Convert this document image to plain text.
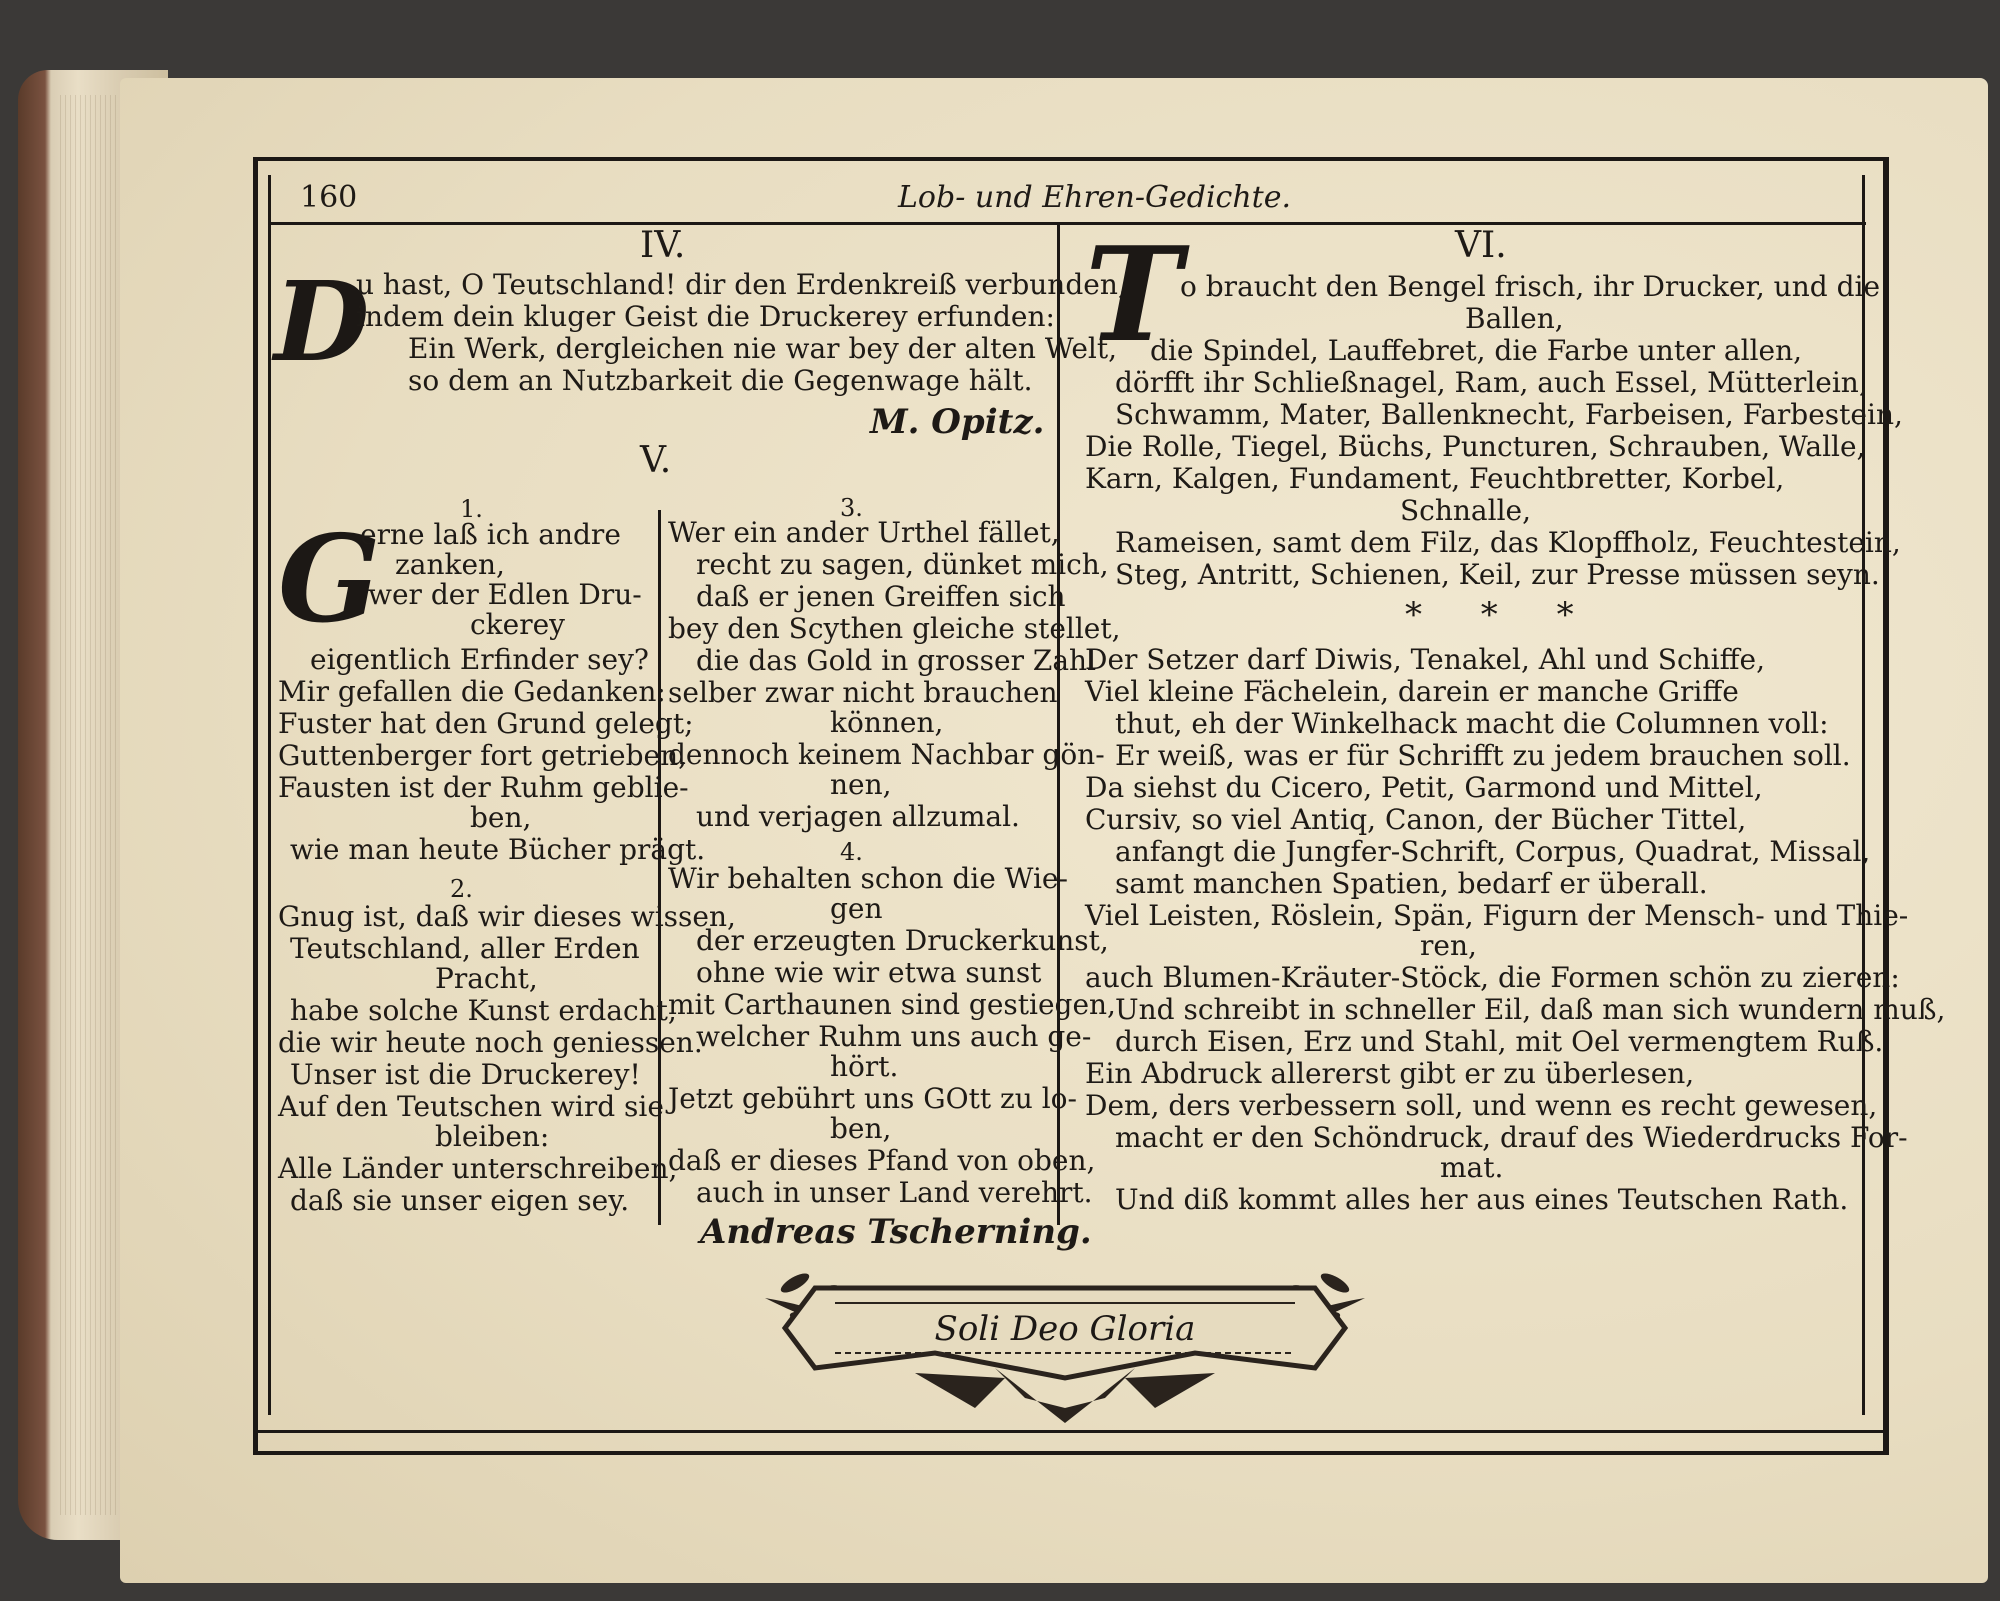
160	Lob- und Ehren-Gedichte.
IV.
D
u hast, O Teutschland! dir den Erdenkreiß verbunden,
indem dein kluger Geist die Druckerey erfunden:
Ein Werk, dergleichen nie war bey der alten Welt,
so dem an Nutzbarkeit die Gegenwage hält.
M. Opitz.
V.
1.
G
erne laß ich andre
zanken,
wer der Edlen Dru-
ckerey
eigentlich Erfinder sey?
Mir gefallen die Gedanken:
Fuster hat den Grund gelegt;
Guttenberger fort getrieben,
Fausten ist der Ruhm geblie-
ben,
wie man heute Bücher prägt.
2.
Gnug ist, daß wir dieses wissen,
Teutschland, aller Erden
Pracht,
habe solche Kunst erdacht,
die wir heute noch geniessen.
Unser ist die Druckerey!
Auf den Teutschen wird sie
bleiben:
Alle Länder unterschreiben,
daß sie unser eigen sey.
3.
Wer ein ander Urthel fället,
recht zu sagen, dünket mich,
daß er jenen Greiffen sich
bey den Scythen gleiche stellet,
die das Gold in grosser Zahl
selber zwar nicht brauchen
können,
dennoch keinem Nachbar gön-
nen,
und verjagen allzumal.
4.
Wir behalten schon die Wie-
gen
der erzeugten Druckerkunst,
ohne wie wir etwa sunst
mit Carthaunen sind gestiegen,
welcher Ruhm uns auch ge-
hört.
Jetzt gebührt uns GOtt zu lo-
ben,
daß er dieses Pfand von oben,
auch in unser Land verehrt.
Andreas Tscherning.
VI.
T
o braucht den Bengel frisch, ihr Drucker, und die
Ballen,
die Spindel, Lauffebret, die Farbe unter allen,
dörfft ihr Schließnagel, Ram, auch Essel, Mütterlein,
Schwamm, Mater, Ballenknecht, Farbeisen, Farbestein,
Die Rolle, Tiegel, Büchs, Puncturen, Schrauben, Walle,
Karn, Kalgen, Fundament, Feuchtbretter, Korbel,
Schnalle,
Rameisen, samt dem Filz, das Klopffholz, Feuchtestein,
Steg, Antritt, Schienen, Keil, zur Presse müssen seyn.
* * *
Der Setzer darf Diwis, Tenakel, Ahl und Schiffe,
Viel kleine Fächelein, darein er manche Griffe
thut, eh der Winkelhack macht die Columnen voll:
Er weiß, was er für Schrifft zu jedem brauchen soll.
Da siehst du Cicero, Petit, Garmond und Mittel,
Cursiv, so viel Antiq, Canon, der Bücher Tittel,
anfangt die Jungfer-Schrift, Corpus, Quadrat, Missal,
samt manchen Spatien, bedarf er überall.
Viel Leisten, Röslein, Spän, Figurn der Mensch- und Thie-
ren,
auch Blumen-Kräuter-Stöck, die Formen schön zu zieren:
Und schreibt in schneller Eil, daß man sich wundern muß,
durch Eisen, Erz und Stahl, mit Oel vermengtem Ruß.
Ein Abdruck allererst gibt er zu überlesen,
Dem, ders verbessern soll, und wenn es recht gewesen,
macht er den Schöndruck, drauf des Wiederdrucks For-
mat.
Und diß kommt alles her aus eines Teutschen Rath.
Soli Deo Gloria
